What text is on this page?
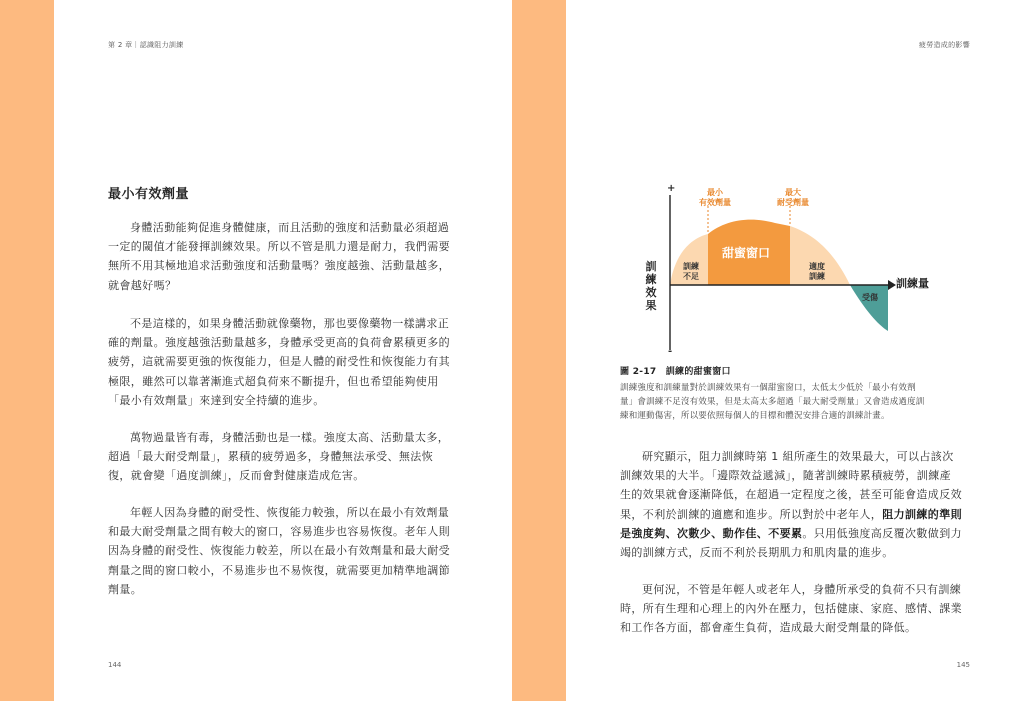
第 2 章｜認識阻力訓練
最小有效劑量
身體活動能夠促進身體健康，而且活動的強度和活動量必須超過
一定的閾值才能發揮訓練效果。所以不管是肌力還是耐力，我們需要
無所不用其極地追求活動強度和活動量嗎？強度越強、活動量越多，
就會越好嗎？
不是這樣的，如果身體活動就像藥物，那也要像藥物一樣講求正
確的劑量。強度越強活動量越多，身體承受更高的負荷會累積更多的
疲勞，這就需要更強的恢復能力，但是人體的耐受性和恢復能力有其
極限，雖然可以靠著漸進式超負荷來不斷提升，但也希望能夠使用
「最小有效劑量」來達到安全持續的進步。
萬物過量皆有毒，身體活動也是一樣。強度太高、活動量太多，
超過「最大耐受劑量」，累積的疲勞過多，身體無法承受、無法恢
復，就會變「過度訓練」，反而會對健康造成危害。
年輕人因為身體的耐受性、恢復能力較強，所以在最小有效劑量
和最大耐受劑量之間有較大的窗口，容易進步也容易恢復。老年人則
因為身體的耐受性、恢復能力較差，所以在最小有效劑量和最大耐受
劑量之間的窗口較小，不易進步也不易恢復，就需要更加精準地調節
劑量。
144
疲勞造成的影響
+
-
訓練效果
訓練量
最小
有效劑量
最大
耐受劑量
甜蜜窗口
訓練
不足
適度
訓練
受傷
圖 2-17　訓練的甜蜜窗口
訓練強度和訓練量對於訓練效果有一個甜蜜窗口，太低太少低於「最小有效劑
量」會訓練不足沒有效果，但是太高太多超過「最大耐受劑量」又會造成過度訓
練和運動傷害，所以要依照每個人的目標和體況安排合適的訓練計畫。
研究顯示，阻力訓練時第 1 組所產生的效果最大，可以占該次
訓練效果的大半。「邊際效益遞減」，隨著訓練時累積疲勞，訓練產
生的效果就會逐漸降低，在超過一定程度之後，甚至可能會造成反效
果，不利於訓練的適應和進步。所以對於中老年人，阻力訓練的準則
是強度夠、次數少、動作佳、不要累。只用低強度高反覆次數做到力
竭的訓練方式，反而不利於長期肌力和肌肉量的進步。
更何況，不管是年輕人或老年人，身體所承受的負荷不只有訓練
時，所有生理和心理上的內外在壓力，包括健康、家庭、感情、課業
和工作各方面，都會產生負荷，造成最大耐受劑量的降低。
145
